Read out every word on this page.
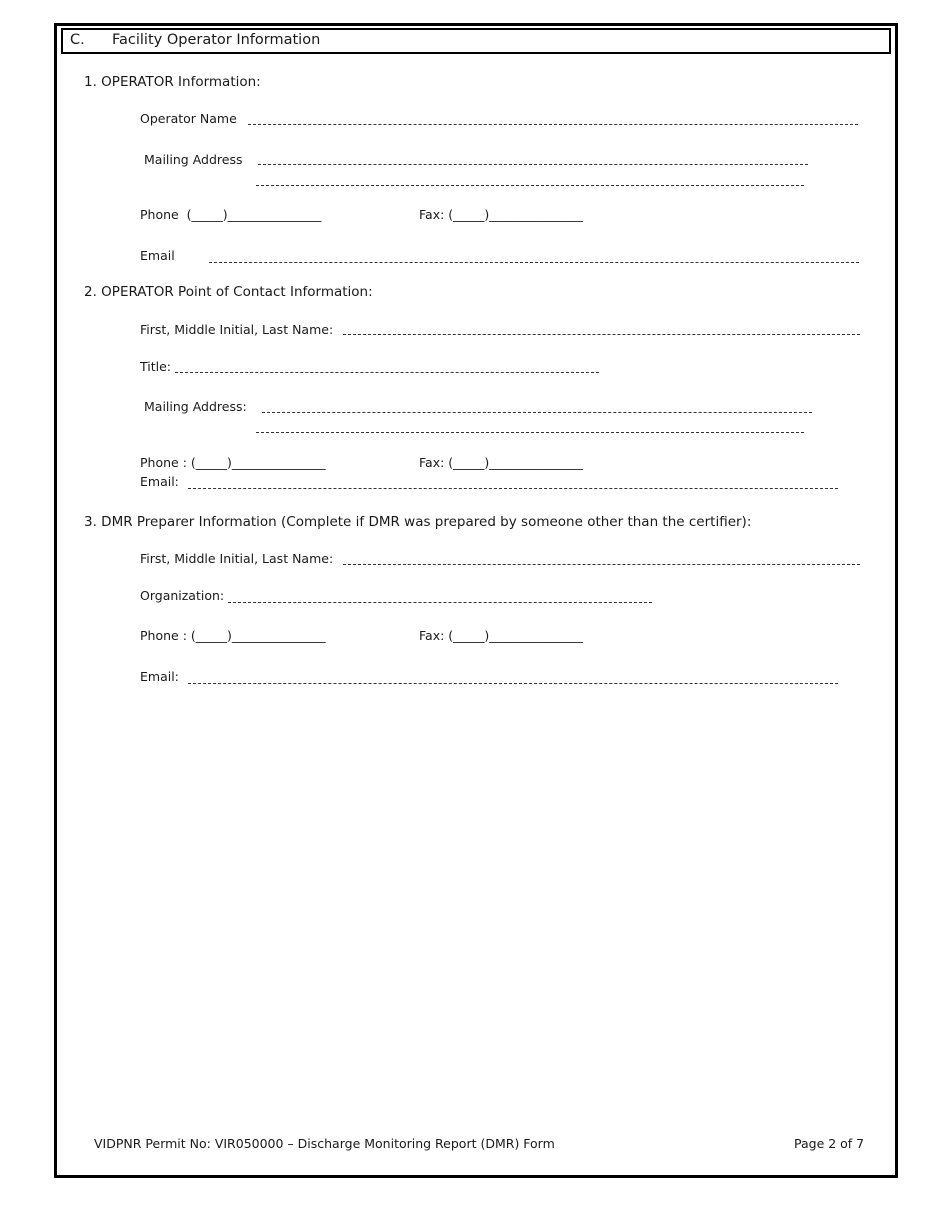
C. Facility Operator Information
1. OPERATOR Information:
Operator Name
Mailing Address
Phone  (_____)_______________	Fax: (_____)_______________
Email
2. OPERATOR Point of Contact Information:
First, Middle Initial, Last Name:
Title:
Mailing Address:
Phone : (_____)_______________	Fax: (_____)_______________
Email:
3. DMR Preparer Information (Complete if DMR was prepared by someone other than the certifier):
First, Middle Initial, Last Name:
Organization:
Phone : (_____)_______________	Fax: (_____)_______________
Email:
VIDPNR Permit No: VIR050000 – Discharge Monitoring Report (DMR) Form	Page 2 of 7
